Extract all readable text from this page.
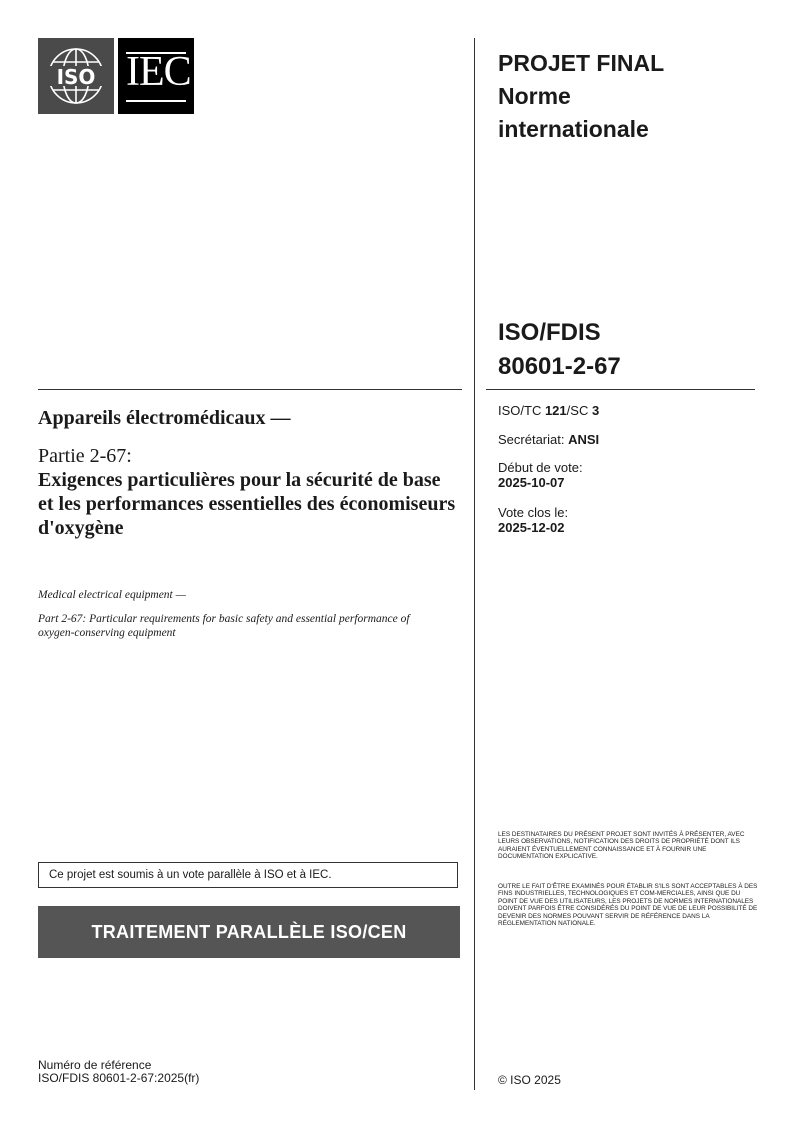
ISO IEC	PROJET FINAL
Norme
internationale
ISO/FDIS
80601-2-67
ISO/TC 121/SC 3
Secrétariat: ANSI
Début de vote:
2025-10-07
Vote clos le:
2025-12-02
Appareils électromédicaux —
Partie 2-67:
Exigences particulières pour la sécurité de base et les performances essentielles des économiseurs d'oxygène
Medical electrical equipment —
Part 2-67: Particular requirements for basic safety and essential performance of oxygen-conserving equipment
Ce projet est soumis à un vote parallèle à ISO et à IEC.
TRAITEMENT PARALLÈLE ISO/CEN
LES DESTINATAIRES DU PRÉSENT PROJET SONT INVITÉS À PRÉSENTER, AVEC LEURS OBSERVATIONS, NOTIFICATION DES DROITS DE PROPRIÉTÉ DONT ILS AURAIENT ÉVENTUELLEMENT CONNAISSANCE ET À FOURNIR UNE DOCUMENTATION EXPLICATIVE.
OUTRE LE FAIT D'ÊTRE EXAMINÉS POUR ÉTABLIR S'ILS SONT ACCEPTABLES À DES FINS INDUSTRIELLES, TECHNOLOGIQUES ET COM-MERCIALES, AINSI QUE DU POINT DE VUE DES UTILISATEURS, LES PROJETS DE NORMES INTERNATIONALES DOIVENT PARFOIS ÊTRE CONSIDÉRÉS DU POINT DE VUE DE LEUR POSSIBILITÉ DE DEVENIR DES NORMES POUVANT SERVIR DE RÉFÉRENCE DANS LA RÉGLEMENTATION NATIONALE.
Numéro de référence
ISO/FDIS 80601-2-67:2025(fr)	© ISO 2025
